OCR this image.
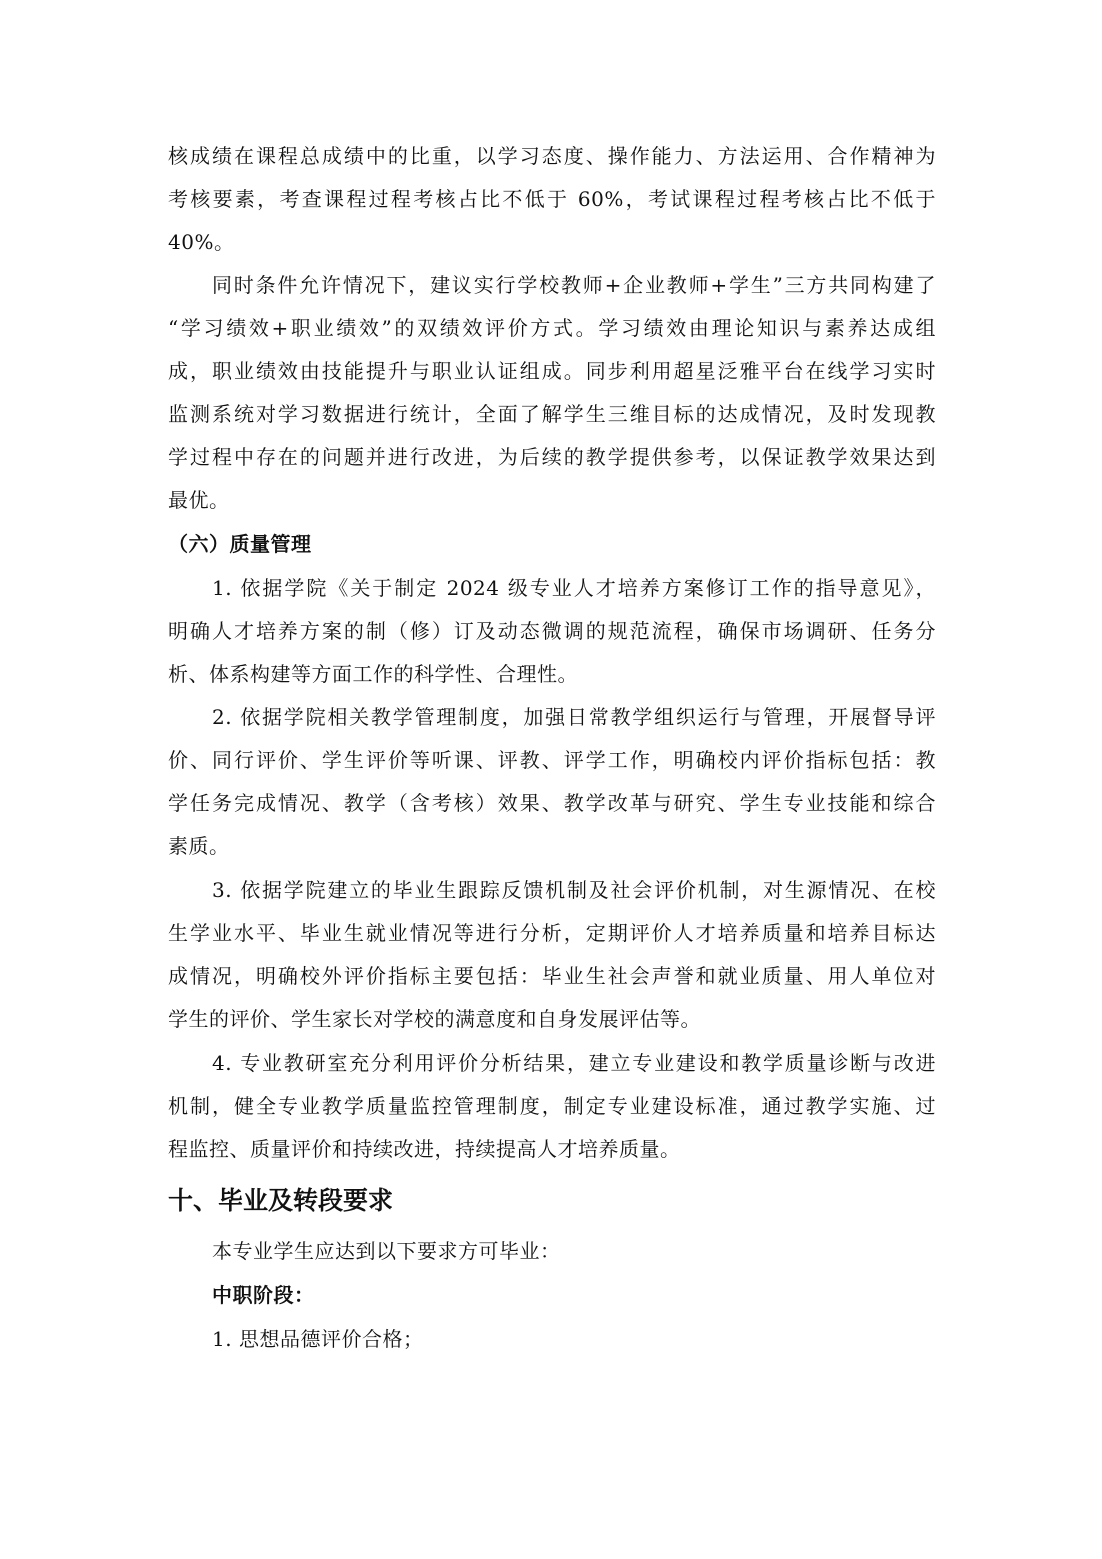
核成绩在课程总成绩中的比重，以学习态度、操作能力、方法运用、合作精神为
考核要素，考查课程过程考核占比不低于 60%，考试课程过程考核占比不低于
40%。
同时条件允许情况下，建议实行学校教师+企业教师+学生”三方共同构建了
“学习绩效+职业绩效”的双绩效评价方式。学习绩效由理论知识与素养达成组
成，职业绩效由技能提升与职业认证组成。同步利用超星泛雅平台在线学习实时
监测系统对学习数据进行统计，全面了解学生三维目标的达成情况，及时发现教
学过程中存在的问题并进行改进，为后续的教学提供参考，以保证教学效果达到
最优。
（六）质量管理
1. 依据学院《关于制定 2024 级专业人才培养方案修订工作的指导意见》，
明确人才培养方案的制（修）订及动态微调的规范流程，确保市场调研、任务分
析、体系构建等方面工作的科学性、合理性。
2. 依据学院相关教学管理制度，加强日常教学组织运行与管理，开展督导评
价、同行评价、学生评价等听课、评教、评学工作，明确校内评价指标包括：教
学任务完成情况、教学（含考核）效果、教学改革与研究、学生专业技能和综合
素质。
3. 依据学院建立的毕业生跟踪反馈机制及社会评价机制，对生源情况、在校
生学业水平、毕业生就业情况等进行分析，定期评价人才培养质量和培养目标达
成情况，明确校外评价指标主要包括：毕业生社会声誉和就业质量、用人单位对
学生的评价、学生家长对学校的满意度和自身发展评估等。
4. 专业教研室充分利用评价分析结果，建立专业建设和教学质量诊断与改进
机制，健全专业教学质量监控管理制度，制定专业建设标准，通过教学实施、过
程监控、质量评价和持续改进，持续提高人才培养质量。
十、毕业及转段要求
本专业学生应达到以下要求方可毕业：
中职阶段：
1. 思想品德评价合格；
